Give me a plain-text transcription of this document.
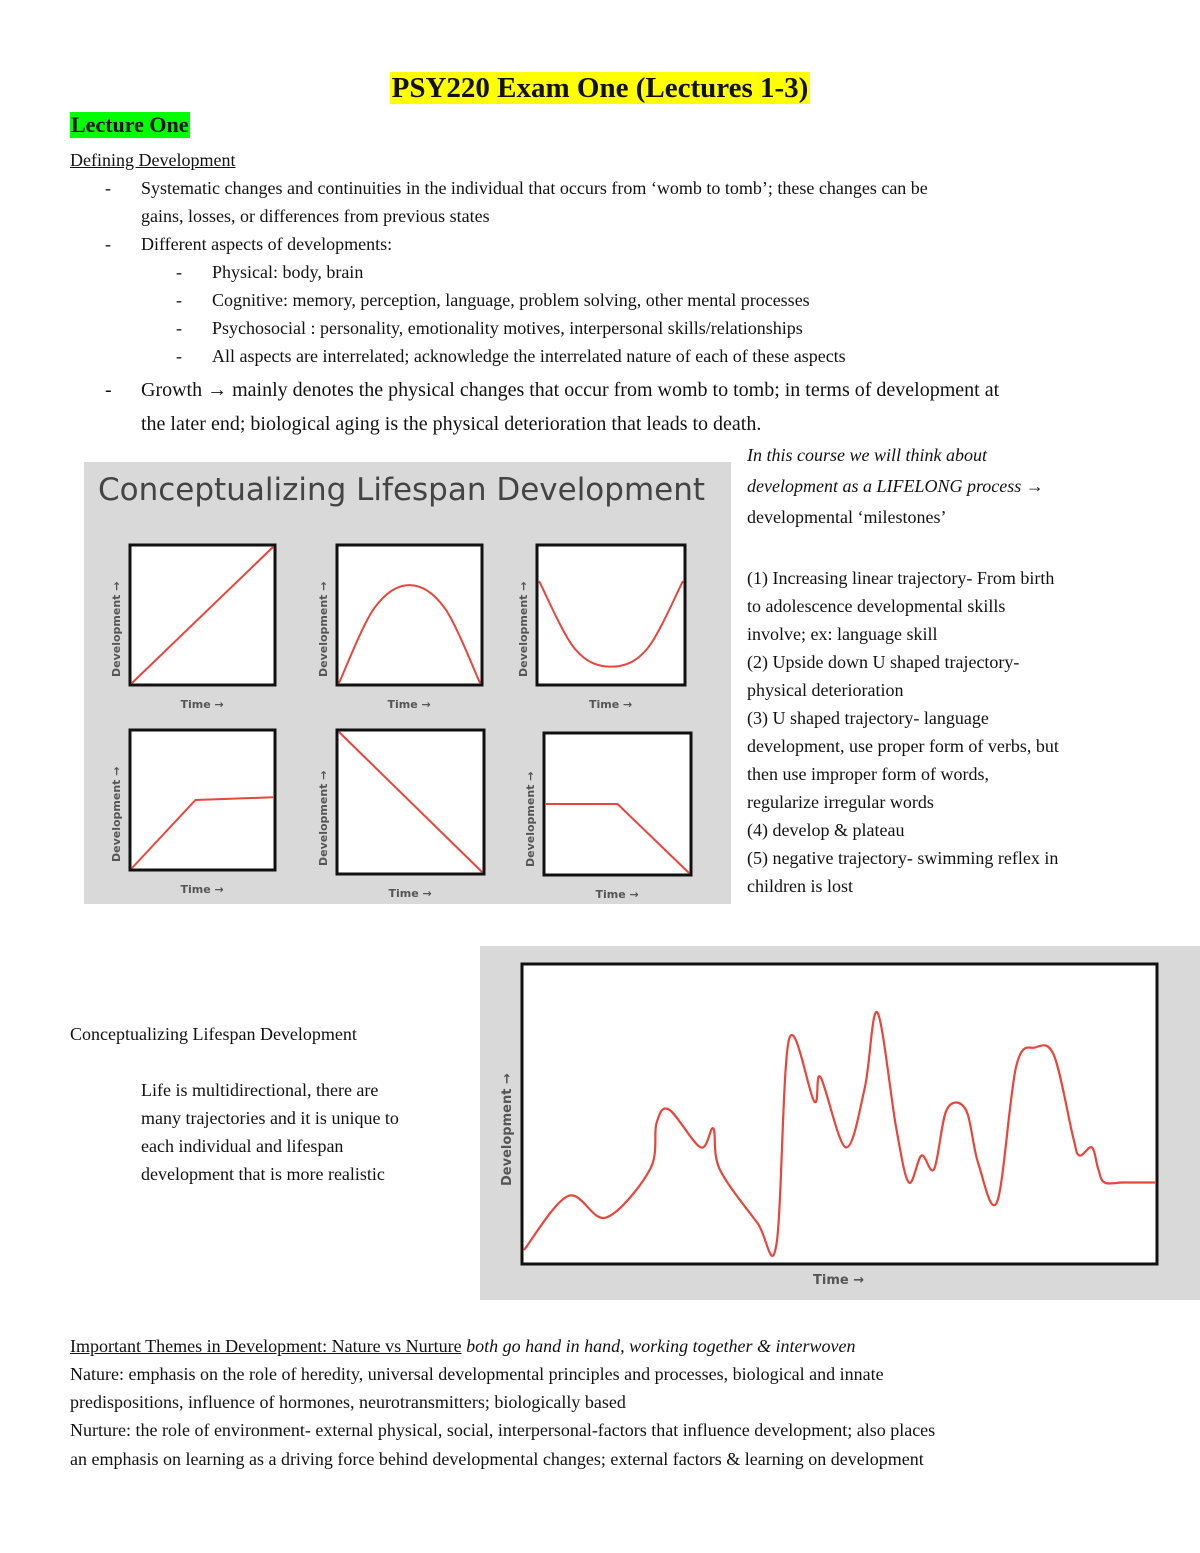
PSY220 Exam One (Lectures 1-3)
Lecture One
Defining Development
- Systematic changes and continuities in the individual that occurs from ‘womb to tomb’; these changes can be
gains, losses, or differences from previous states
- Different aspects of developments:
- Physical: body, brain
- Cognitive: memory, perception, language, problem solving, other mental processes
- Psychosocial : personality, emotionality motives, interpersonal skills/relationships
- All aspects are interrelated; acknowledge the interrelated nature of each of these aspects
- Growth → mainly denotes the physical changes that occur from womb to tomb; in terms of development at
the later end; biological aging is the physical deterioration that leads to death.
Conceptualizing Lifespan Development
Development →
Time →
Development →
Time →
Development →
Time →
Development →
Time →
Development →
Time →
Development →
Time →
In this course we will think about
development as a LIFELONG process →
developmental ‘milestones’
(1) Increasing linear trajectory- From birth
to adolescence developmental skills
involve; ex: language skill
(2) Upside down U shaped trajectory-
physical deterioration
(3) U shaped trajectory- language
development, use proper form of verbs, but
then use improper form of words,
regularize irregular words
(4) develop & plateau
(5) negative trajectory- swimming reflex in
children is lost
Development →
Time →
Conceptualizing Lifespan Development
Life is multidirectional, there are
many trajectories and it is unique to
each individual and lifespan
development that is more realistic
Important Themes in Development: Nature vs Nurture both go hand in hand, working together & interwoven
Nature: emphasis on the role of heredity, universal developmental principles and processes, biological and innate
predispositions, influence of hormones, neurotransmitters; biologically based
Nurture: the role of environment- external physical, social, interpersonal-factors that influence development; also places
an emphasis on learning as a driving force behind developmental changes; external factors & learning on development
